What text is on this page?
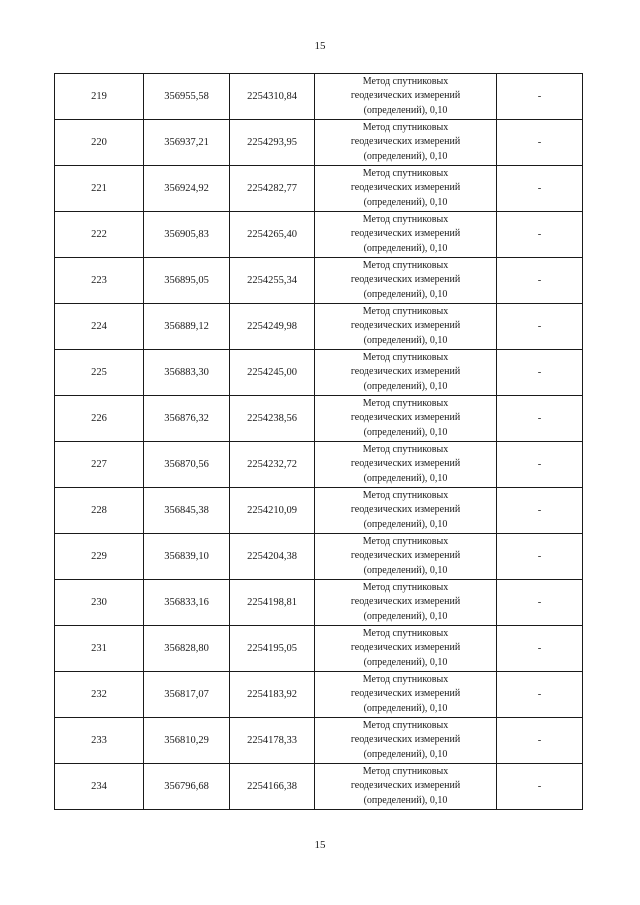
15
219	356955,58	2254310,84	Метод спутниковых
геодезических измерений
(определений), 0,10	-
220	356937,21	2254293,95	Метод спутниковых
геодезических измерений
(определений), 0,10	-
221	356924,92	2254282,77	Метод спутниковых
геодезических измерений
(определений), 0,10	-
222	356905,83	2254265,40	Метод спутниковых
геодезических измерений
(определений), 0,10	-
223	356895,05	2254255,34	Метод спутниковых
геодезических измерений
(определений), 0,10	-
224	356889,12	2254249,98	Метод спутниковых
геодезических измерений
(определений), 0,10	-
225	356883,30	2254245,00	Метод спутниковых
геодезических измерений
(определений), 0,10	-
226	356876,32	2254238,56	Метод спутниковых
геодезических измерений
(определений), 0,10	-
227	356870,56	2254232,72	Метод спутниковых
геодезических измерений
(определений), 0,10	-
228	356845,38	2254210,09	Метод спутниковых
геодезических измерений
(определений), 0,10	-
229	356839,10	2254204,38	Метод спутниковых
геодезических измерений
(определений), 0,10	-
230	356833,16	2254198,81	Метод спутниковых
геодезических измерений
(определений), 0,10	-
231	356828,80	2254195,05	Метод спутниковых
геодезических измерений
(определений), 0,10	-
232	356817,07	2254183,92	Метод спутниковых
геодезических измерений
(определений), 0,10	-
233	356810,29	2254178,33	Метод спутниковых
геодезических измерений
(определений), 0,10	-
234	356796,68	2254166,38	Метод спутниковых
геодезических измерений
(определений), 0,10	-
15
